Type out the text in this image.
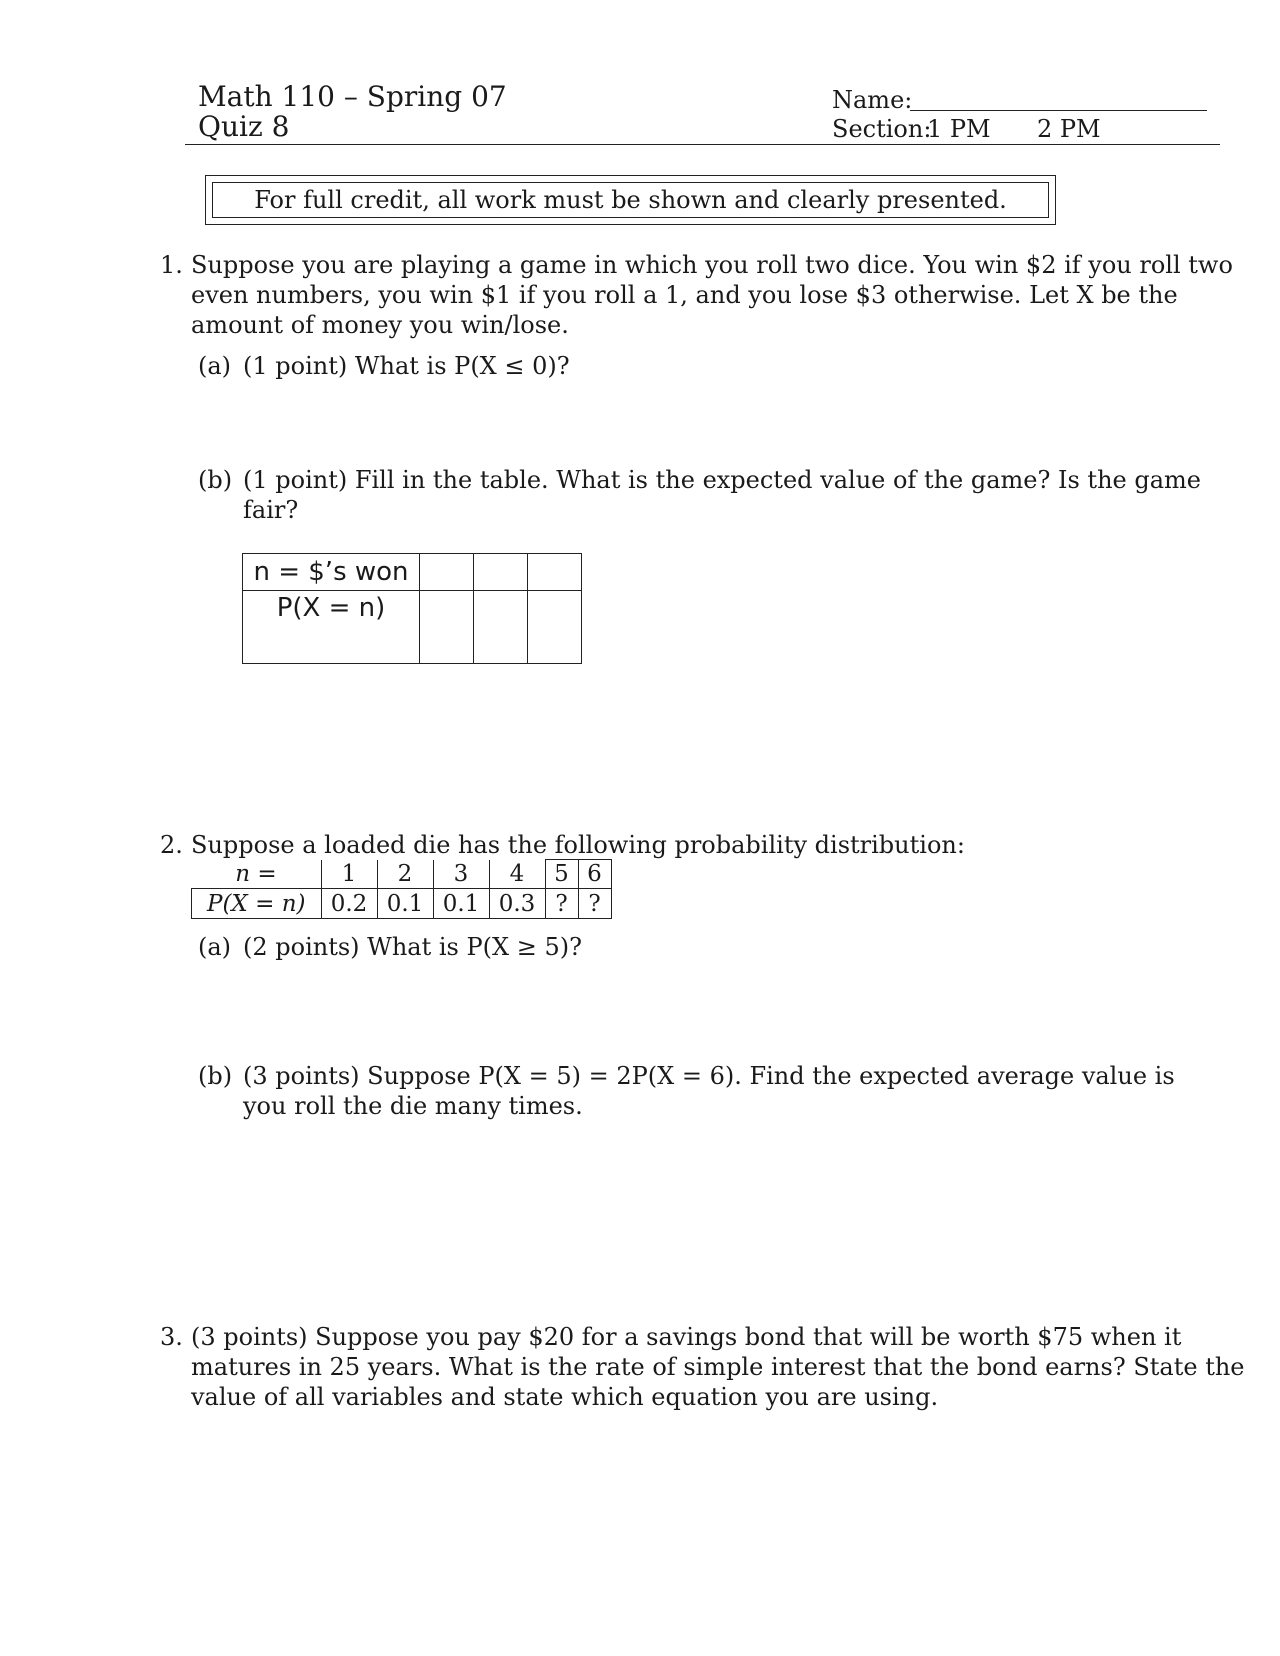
Math 110 – Spring 07
Quiz 8
Name:
Section:
1 PM 2 PM
For full credit, all work must be shown and clearly presented.
1. Suppose you are playing a game in which you roll two dice. You win $2 if you roll two
even numbers, you win $1 if you roll a 1, and you lose $3 otherwise. Let X be the
amount of money you win/lose.
(a) (1 point) What is P(X ≤ 0)?
(b) (1 point) Fill in the table. What is the expected value of the game? Is the game
fair?
n = $’s won			
P(X = n)			
2. Suppose a loaded die has the following probability distribution:
n =	1	2	3	4	5	6
P(X = n)	0.2	0.1	0.1	0.3	?	?
(a) (2 points) What is P(X ≥ 5)?
(b) (3 points) Suppose P(X = 5) = 2P(X = 6). Find the expected average value is
you roll the die many times.
3. (3 points) Suppose you pay $20 for a savings bond that will be worth $75 when it
matures in 25 years. What is the rate of simple interest that the bond earns? State the
value of all variables and state which equation you are using.
